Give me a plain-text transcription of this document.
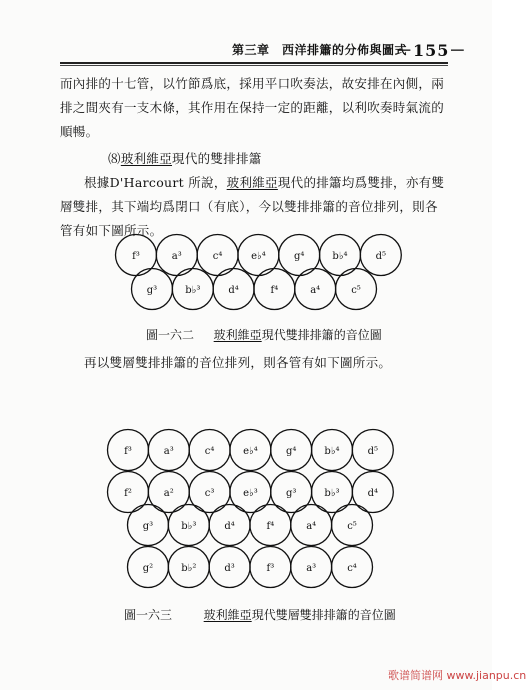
第三章　西洋排簫的分佈與圖式
－155－
而內排的十七管，以竹節爲底，採用平口吹奏法，故安排在內側，兩
排之間夾有一支木條，其作用在保持一定的距離，以利吹奏時氣流的
順暢。
⑻玻利維亞現代的雙排排簫
根據D'Harcourt 所說，玻利維亞現代的排簫均爲雙排，亦有雙
層雙排，其下端均爲閉口（有底），今以雙排排簫的音位排列，則各
管有如下圖所示。
f³	a³	c⁴	e♭⁴	g⁴	b♭⁴	d⁵
g³	b♭³	d⁴	f⁴	a⁴	c⁵
f³	a³	c⁴	e♭⁴	g⁴	b♭⁴	d⁵
f²	a²	c³	e♭³	g³	b♭³	d⁴
g³	b♭³	d⁴	f⁴	a⁴	c⁵
g²	b♭²	d³	f³	a³	c⁴
圖一六二 玻利維亞現代雙排排簫的音位圖
再以雙層雙排排簫的音位排列，則各管有如下圖所示。
圖一六三	玻利維亞現代雙層雙排排簫的音位圖
歌谱简谱网 www.jianpu.cn
